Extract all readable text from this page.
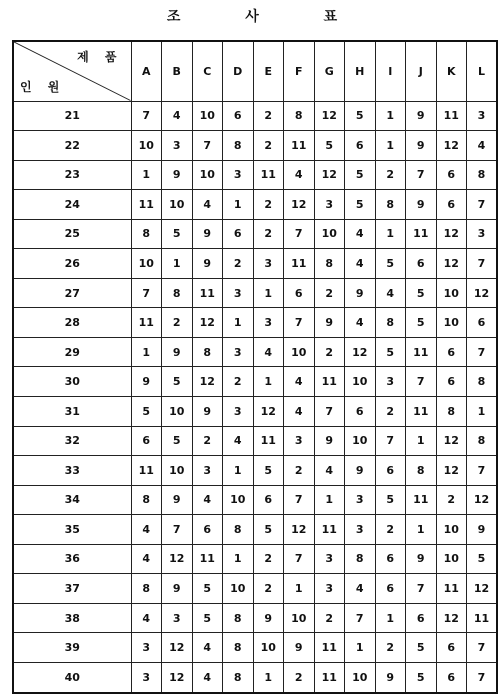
조 사 표
제 품
인 원	A	B	C	D	E	F	G	H	I	J	K	L
21	7	4	10	6	2	8	12	5	1	9	11	3
22	10	3	7	8	2	11	5	6	1	9	12	4
23	1	9	10	3	11	4	12	5	2	7	6	8
24	11	10	4	1	2	12	3	5	8	9	6	7
25	8	5	9	6	2	7	10	4	1	11	12	3
26	10	1	9	2	3	11	8	4	5	6	12	7
27	7	8	11	3	1	6	2	9	4	5	10	12
28	11	2	12	1	3	7	9	4	8	5	10	6
29	1	9	8	3	4	10	2	12	5	11	6	7
30	9	5	12	2	1	4	11	10	3	7	6	8
31	5	10	9	3	12	4	7	6	2	11	8	1
32	6	5	2	4	11	3	9	10	7	1	12	8
33	11	10	3	1	5	2	4	9	6	8	12	7
34	8	9	4	10	6	7	1	3	5	11	2	12
35	4	7	6	8	5	12	11	3	2	1	10	9
36	4	12	11	1	2	7	3	8	6	9	10	5
37	8	9	5	10	2	1	3	4	6	7	11	12
38	4	3	5	8	9	10	2	7	1	6	12	11
39	3	12	4	8	10	9	11	1	2	5	6	7
40	3	12	4	8	1	2	11	10	9	5	6	7
